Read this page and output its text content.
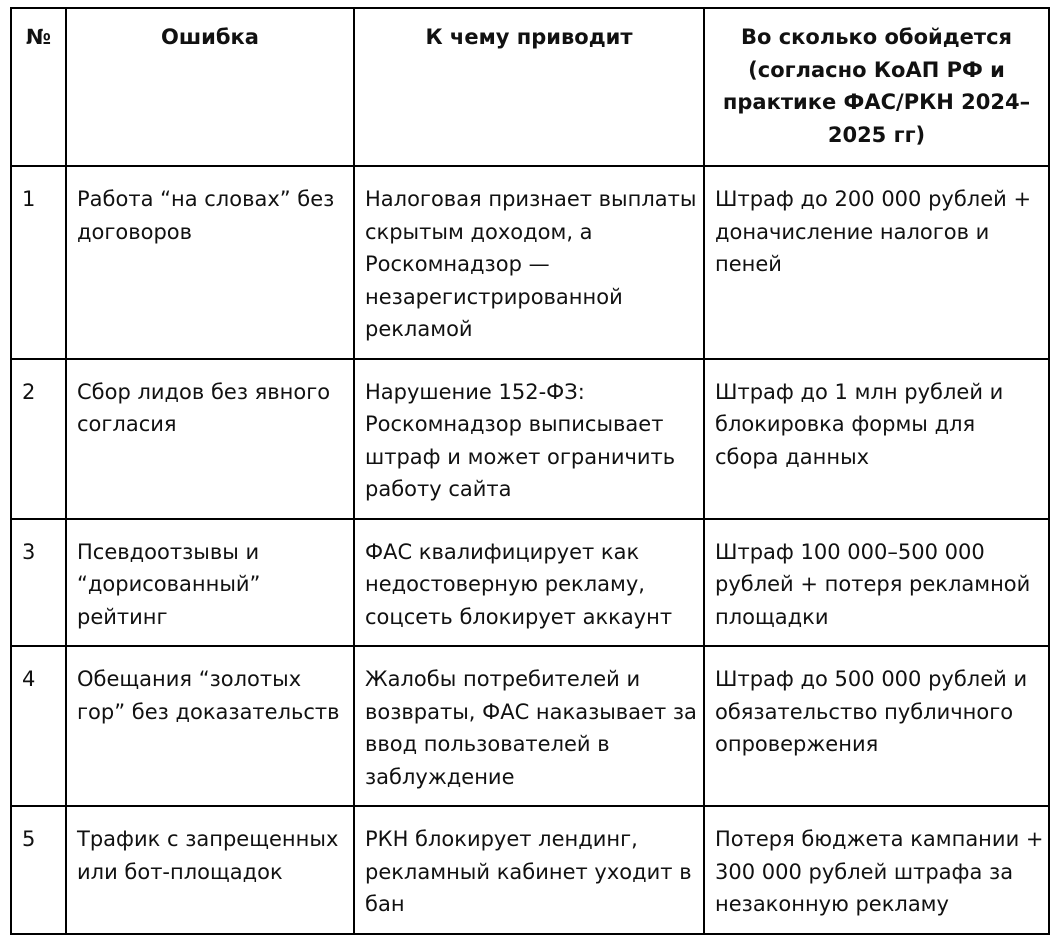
№	Ошибка	К чему приводит	Во сколько обойдется (согласно КоАП РФ и практике ФАС/РКН 2024–2025 гг)
1	Работа “на словах” без договоров	Налоговая признает выплаты скрытым доходом, а Роскомнадзор — незарегистрированной рекламой	Штраф до 200 000 рублей + доначисление налогов и пеней
2	Сбор лидов без явного согласия	Нарушение 152-ФЗ: Роскомнадзор выписывает штраф и может ограничить работу сайта	Штраф до 1 млн рублей и блокировка формы для сбора данных
3	Псевдоотзывы и “дорисованный” рейтинг	ФАС квалифицирует как недостоверную рекламу, соцсеть блокирует аккаунт	Штраф 100 000–500 000 рублей + потеря рекламной площадки
4	Обещания “золотых гор” без доказательств	Жалобы потребителей и возвраты, ФАС наказывает за ввод пользователей в заблуждение	Штраф до 500 000 рублей и обязательство публичного опровержения
5	Трафик с запрещенных или бот-площадок	РКН блокирует лендинг, рекламный кабинет уходит в бан	Потеря бюджета кампании + 300 000 рублей штрафа за незаконную рекламу
